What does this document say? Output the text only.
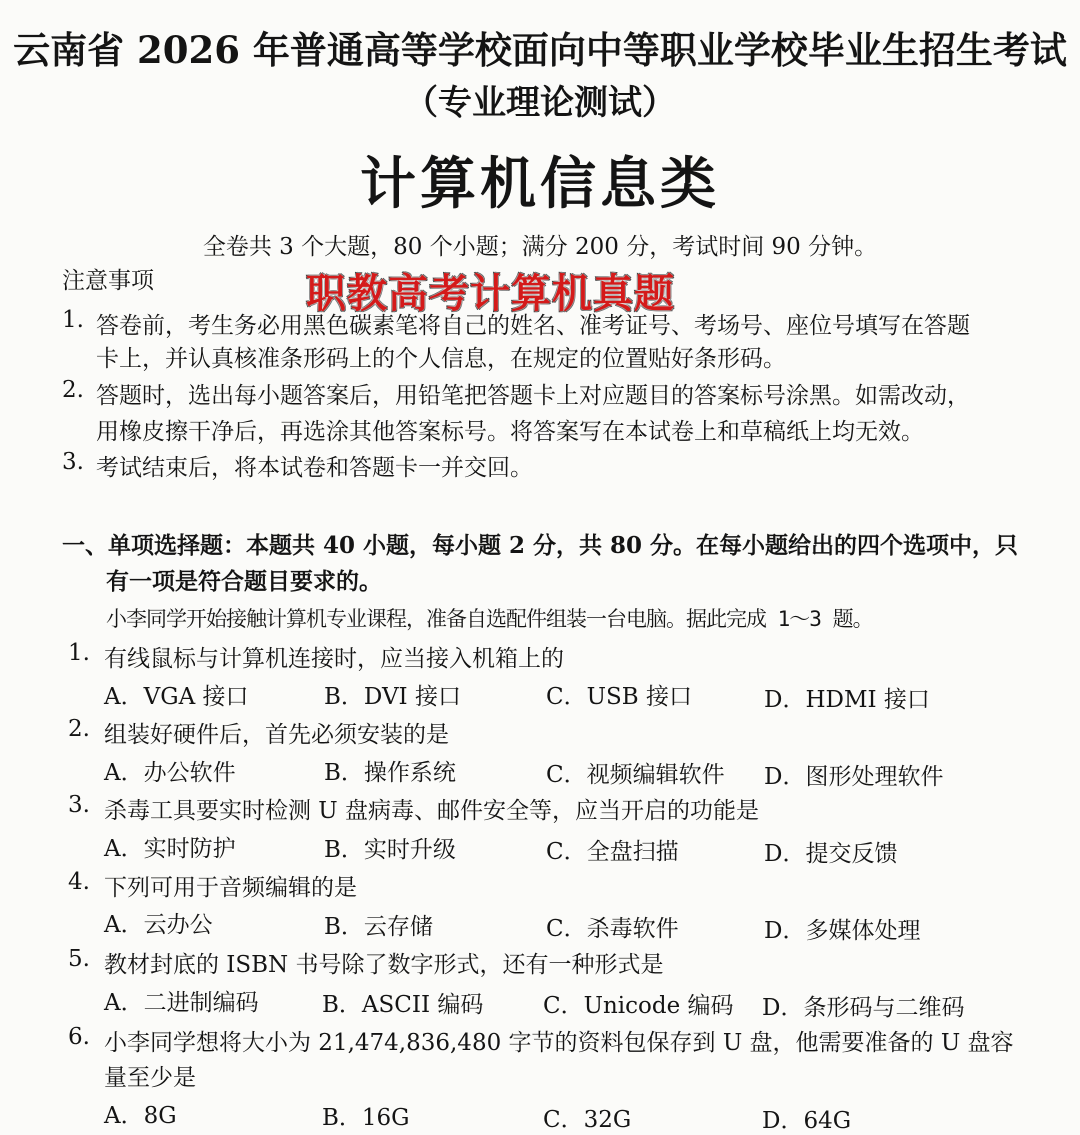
云南省 2026 年普通高等学校面向中等职业学校毕业生招生考试
（专业理论测试）
计算机信息类
全卷共 3 个大题，80 个小题；满分 200 分，考试时间 90 分钟。
注意事项
1. 答卷前，考生务必用黑色碳素笔将自己的姓名、准考证号、考场号、座位号填写在答题
卡上，并认真核准条形码上的个人信息，在规定的位置贴好条形码。
2. 答题时，选出每小题答案后，用铅笔把答题卡上对应题目的答案标号涂黑。如需改动，
用橡皮擦干净后，再选涂其他答案标号。将答案写在本试卷上和草稿纸上均无效。
3. 考试结束后，将本试卷和答题卡一并交回。
职教高考计算机真题
一、单项选择题：本题共 40 小题，每小题 2 分，共 80 分。在每小题给出的四个选项中，只
有一项是符合题目要求的。
小李同学开始接触计算机专业课程，准备自选配件组装一台电脑。据此完成 1～3 题。
1. 有线鼠标与计算机连接时，应当接入机箱上的
A．VGA 接口	B．DVI 接口	C．USB 接口	D．HDMI 接口
2. 组装好硬件后，首先必须安装的是
A．办公软件	B．操作系统	C．视频编辑软件 D．图形处理软件
3. 杀毒工具要实时检测 U 盘病毒、邮件安全等，应当开启的功能是
A．实时防护	B．实时升级	C．全盘扫描	D．提交反馈
4. 下列可用于音频编辑的是
A．云办公	B．云存储	C．杀毒软件	D．多媒体处理
5. 教材封底的 ISBN 书号除了数字形式，还有一种形式是
A．二进制编码	B．ASCII 编码	C．Unicode 编码 D．条形码与二维码
6. 小李同学想将大小为 21,474,836,480 字节的资料包保存到 U 盘，他需要准备的 U 盘容
量至少是
A．8G	B．16G	C．32G	D．64G
